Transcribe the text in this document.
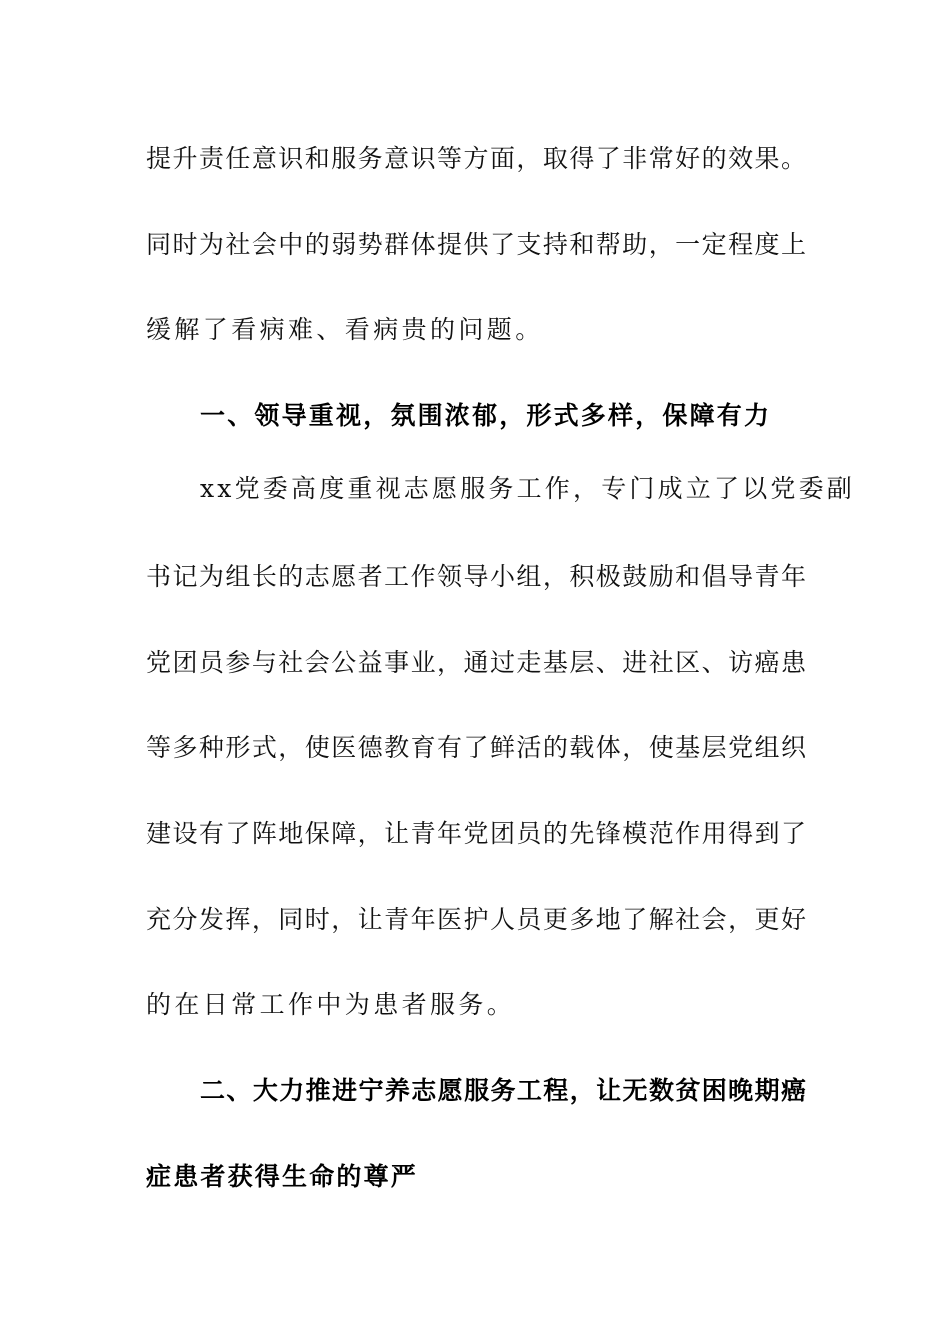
提升责任意识和服务意识等方面，取得了非常好的效果。
同时为社会中的弱势群体提供了支持和帮助，一定程度上
缓解了看病难、看病贵的问题。
一、领导重视，氛围浓郁，形式多样，保障有力
xx党委高度重视志愿服务工作，专门成立了以党委副
书记为组长的志愿者工作领导小组，积极鼓励和倡导青年
党团员参与社会公益事业，通过走基层、进社区、访癌患
等多种形式，使医德教育有了鲜活的载体，使基层党组织
建设有了阵地保障，让青年党团员的先锋模范作用得到了
充分发挥，同时，让青年医护人员更多地了解社会，更好
的在日常工作中为患者服务。
二、大力推进宁养志愿服务工程，让无数贫困晚期癌
症患者获得生命的尊严
